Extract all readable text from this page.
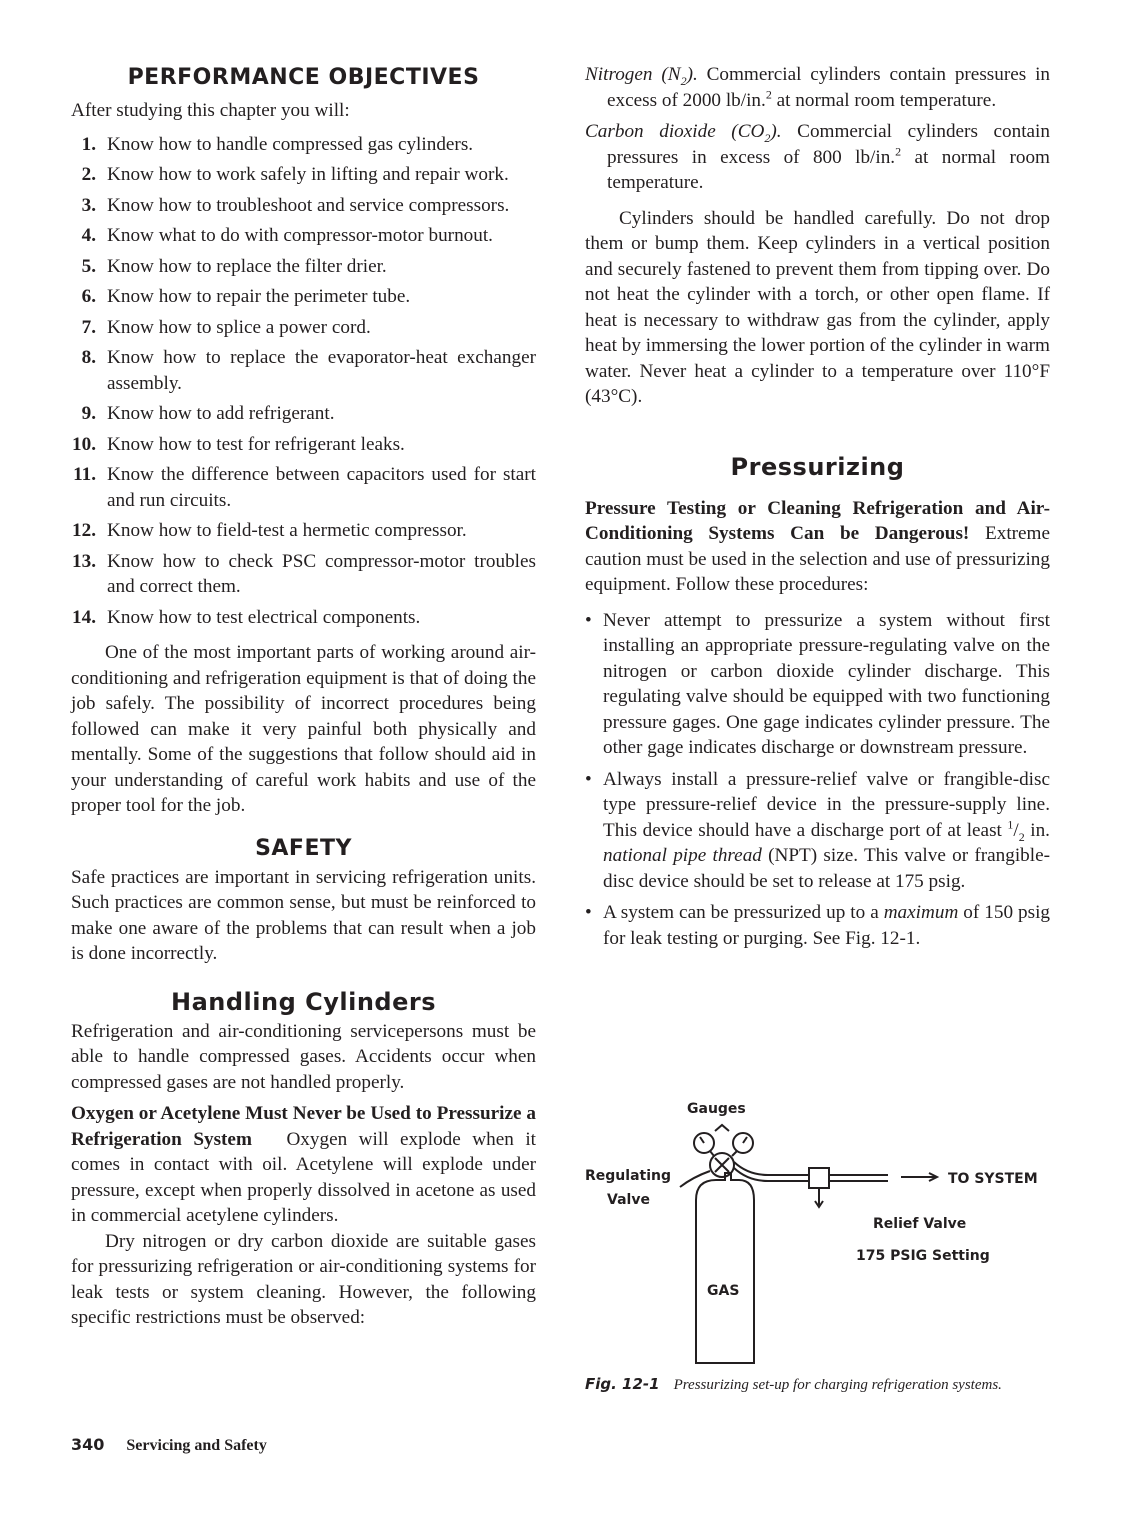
PERFORMANCE OBJECTIVES

After studying this chapter you will:

1. Know how to handle compressed gas cylinders.
2. Know how to work safely in lifting and repair work.
3. Know how to troubleshoot and service compressors.
4. Know what to do with compressor-motor burnout.
5. Know how to replace the filter drier.
6. Know how to repair the perimeter tube.
7. Know how to splice a power cord.
8. Know how to replace the evaporator-heat exchanger assembly.
9. Know how to add refrigerant.
10. Know how to test for refrigerant leaks.
11. Know the difference between capacitors used for start and run circuits.
12. Know how to field-test a hermetic compressor.
13. Know how to check PSC compressor-motor troubles and correct them.
14. Know how to test electrical components.

One of the most important parts of working around air-conditioning and refrigeration equipment is that of doing the job safely. The possibility of incorrect procedures being followed can make it very painful both physically and mentally. Some of the suggestions that follow should aid in your understanding of careful work habits and use of the proper tool for the job.

SAFETY

Safe practices are important in servicing refrigeration units. Such practices are common sense, but must be reinforced to make one aware of the problems that can result when a job is done incorrectly.

Handling Cylinders

Refrigeration and air-conditioning servicepersons must be able to handle compressed gases. Accidents occur when compressed gases are not handled properly.

Oxygen or Acetylene Must Never be Used to Pressurize a Refrigeration System Oxygen will explode when it comes in contact with oil. Acetylene will explode under pressure, except when properly dissolved in acetone as used in commercial acetylene cylinders.

Dry nitrogen or dry carbon dioxide are suitable gases for pressurizing refrigeration or air-conditioning systems for leak tests or system cleaning. However, the following specific restrictions must be observed:

Nitrogen $(N_2)$. Commercial cylinders contain pressures in excess of 2000 lb/in.$^2$ at normal room temperature.

Carbon dioxide $(CO_2)$. Commercial cylinders contain pressures in excess of 800 lb/in.$^2$ at normal room temperature.

Cylinders should be handled carefully. Do not drop them or bump them. Keep cylinders in a vertical position and securely fastened to prevent them from tipping over. Do not heat the cylinder with a torch, or other open flame. If heat is necessary to withdraw gas from the cylinder, apply heat by immersing the lower portion of the cylinder in warm water. Never heat a cylinder to a temperature over 110°F (43°C).

Pressurizing

Pressure Testing or Cleaning Refrigeration and Air-Conditioning Systems Can be Dangerous! Extreme caution must be used in the selection and use of pressurizing equipment. Follow these procedures:

• Never attempt to pressurize a system without first installing an appropriate pressure-regulating valve on the nitrogen or carbon dioxide cylinder discharge. This regulating valve should be equipped with two functioning pressure gages. One gage indicates cylinder pressure. The other gage indicates discharge or downstream pressure.
• Always install a pressure-relief valve or frangible-disc type pressure-relief device in the pressure-supply line. This device should have a discharge port of at least $^1/_2$ in. national pipe thread (NPT) size. This valve or frangible-disc device should be set to release at 175 psig.
• A system can be pressurized up to a maximum of 150 psig for leak testing or purging. See Fig. 12-1.
Gauges
Regulating
Valve
GAS
TO SYSTEM
Relief Valve
175 PSIG Setting
Fig. 12-1 Pressurizing set-up for charging refrigeration systems.
340 Servicing and Safety
